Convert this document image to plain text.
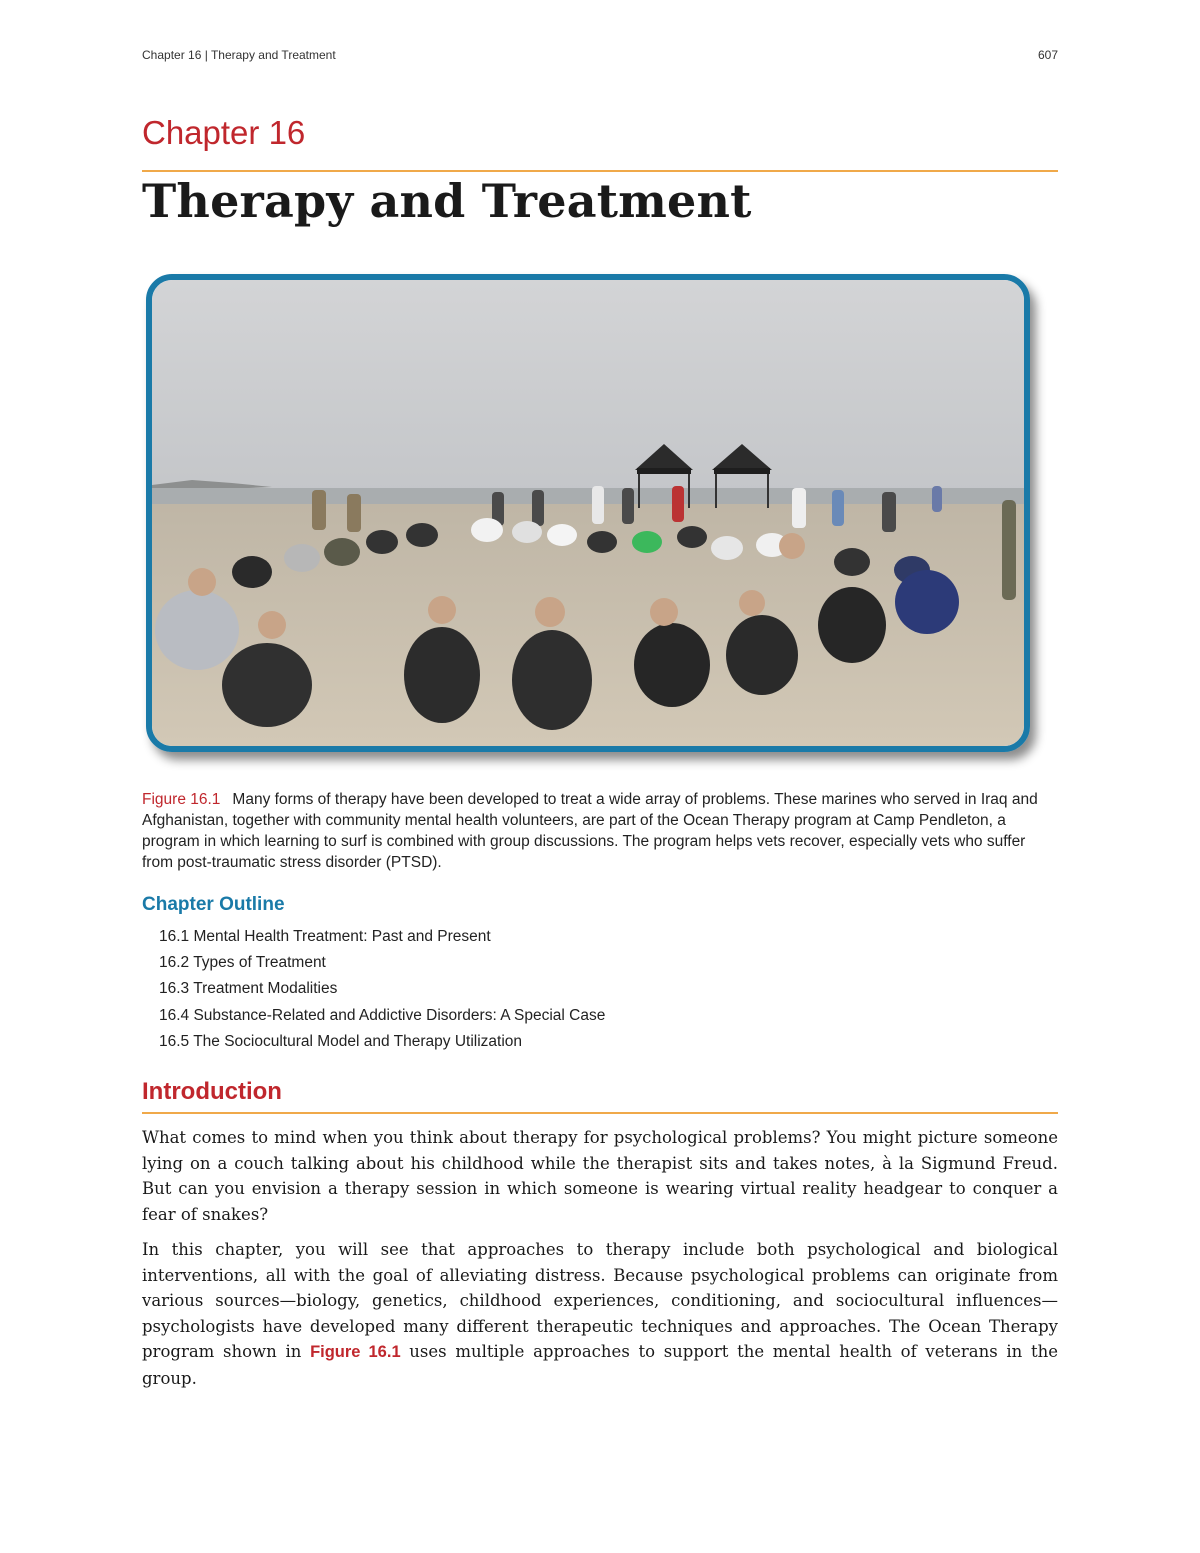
Chapter 16 | Therapy and Treatment	607
Chapter 16
Therapy and Treatment
Figure 16.1 Many forms of therapy have been developed to treat a wide array of problems. These marines who served in Iraq and Afghanistan, together with community mental health volunteers, are part of the Ocean Therapy program at Camp Pendleton, a program in which learning to surf is combined with group discussions. The program helps vets recover, especially vets who suffer from post-traumatic stress disorder (PTSD).
Chapter Outline
16.1 Mental Health Treatment: Past and Present
16.2 Types of Treatment
16.3 Treatment Modalities
16.4 Substance-Related and Addictive Disorders: A Special Case
16.5 The Sociocultural Model and Therapy Utilization
Introduction

What comes to mind when you think about therapy for psychological problems? You might picture someone lying on a couch talking about his childhood while the therapist sits and takes notes, à la Sigmund Freud. But can you envision a therapy session in which someone is wearing virtual reality headgear to conquer a fear of snakes?

In this chapter, you will see that approaches to therapy include both psychological and biological interventions, all with the goal of alleviating distress. Because psychological problems can originate from various sources—biology, genetics, childhood experiences, conditioning, and sociocultural influences—psychologists have developed many different therapeutic techniques and approaches. The Ocean Therapy program shown in Figure 16.1 uses multiple approaches to support the mental health of veterans in the group.
